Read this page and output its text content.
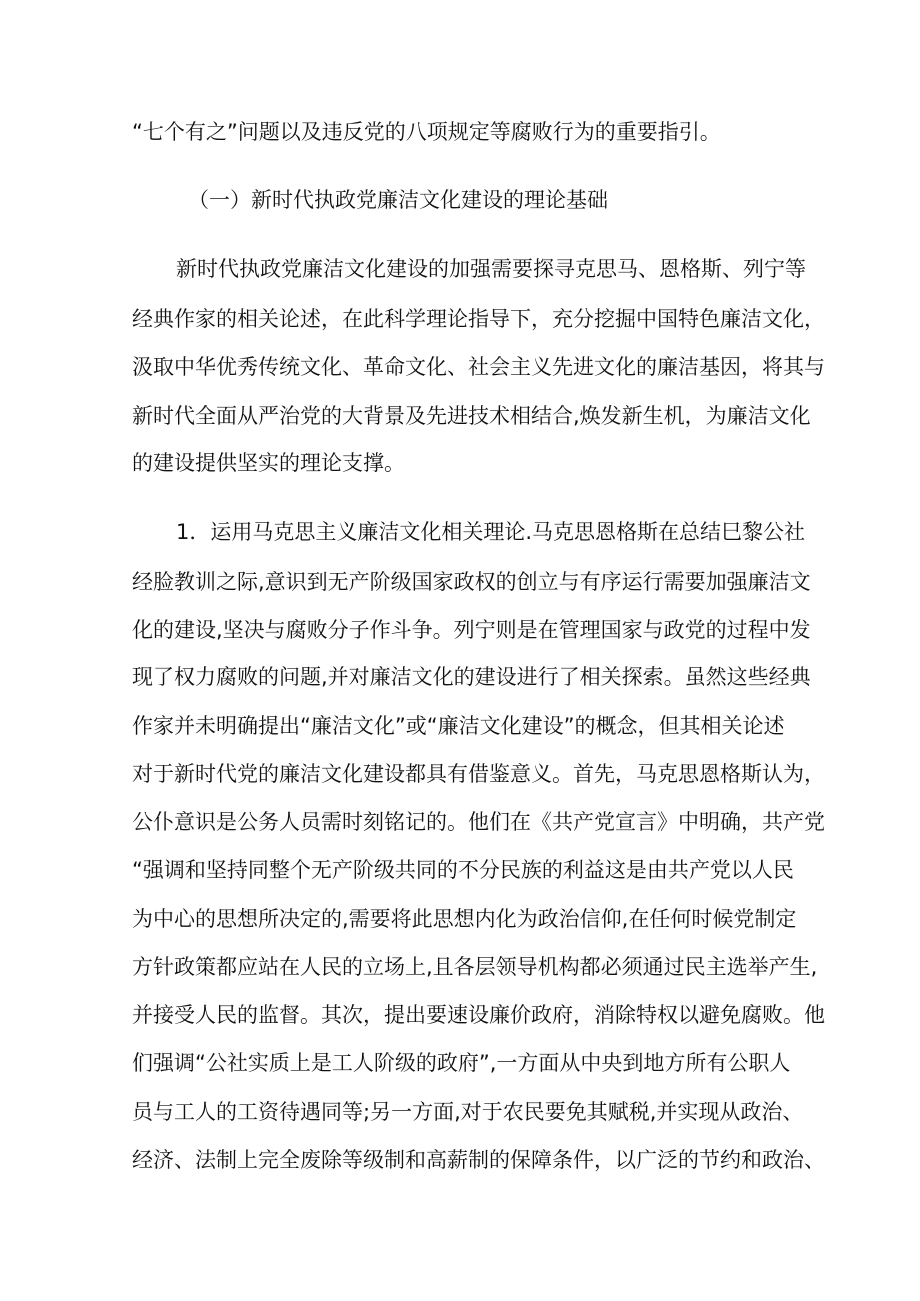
“七个有之”问题以及违反党的八项规定等腐败行为的重要指引。

（一）新时代执政党廉洁文化建设的理论基础

新时代执政党廉洁文化建设的加强需要探寻克思马、恩格斯、列宁等

经典作家的相关论述，在此科学理论指导下，充分挖掘中国特色廉洁文化，

汲取中华优秀传统文化、革命文化、社会主义先进文化的廉洁基因，将其与

新时代全面从严治党的大背景及先进技术相结合,焕发新生机，为廉洁文化

的建设提供坚实的理论支撑。

1．运用马克思主义廉洁文化相关理论.马克思恩格斯在总结巳黎公社

经脸教训之际,意识到无产阶级国家政权的创立与有序运行需要加强廉洁文

化的建设,坚决与腐败分子作斗争。列宁则是在管理国家与政党的过程中发

现了权力腐败的问题,并对廉洁文化的建设进行了相关探索。虽然这些经典

作家并未明确提出“廉洁文化”或“廉洁文化建设”的概念，但其相关论述

对于新时代党的廉洁文化建设都具有借鉴意义。首先，马克思恩格斯认为，

公仆意识是公务人员需时刻铭记的。他们在《共产党宣言》中明确，共产党

“强调和坚持同整个无产阶级共同的不分民族的利益这是由共产党以人民

为中心的思想所决定的,需要将此思想内化为政治信仰,在任何时候党制定

方针政策都应站在人民的立场上,且各层领导机构都必须通过民主选举产生,

并接受人民的监督。其次，提出要速设廉价政府，消除特权以避免腐败。他

们强调“公社实质上是工人阶级的政府”,一方面从中央到地方所有公职人

员与工人的工资待遇同等;另一方面,对于农民要免其赋税,并实现从政治、

经济、法制上完全废除等级制和高薪制的保障条件，以广泛的节约和政治、
